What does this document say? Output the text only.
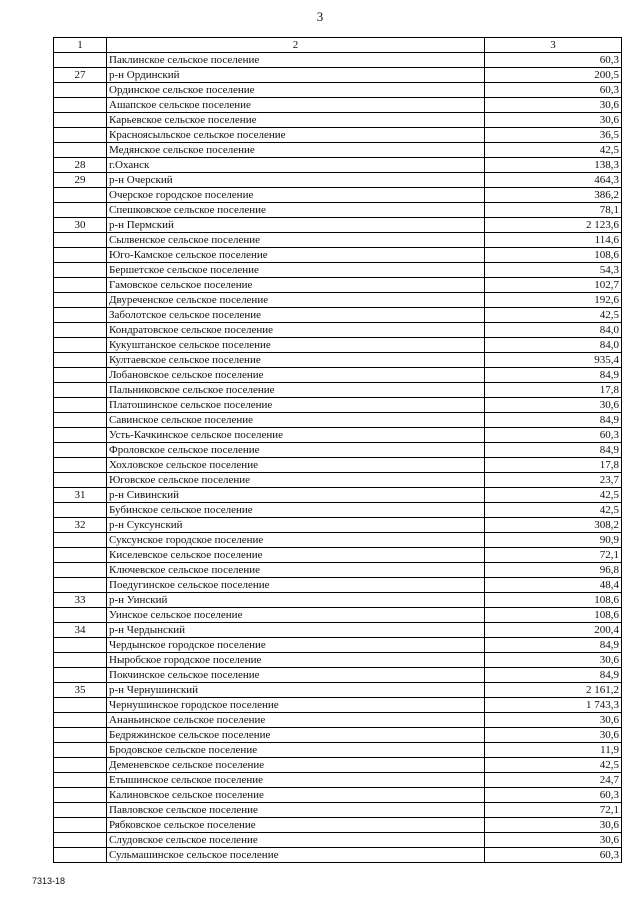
3
1	2	3
	Паклинское сельское поселение	60,3
27	р-н Ординский	200,5
	Ординское сельское поселение	60,3
	Ашапское сельское поселение	30,6
	Карьевское сельское поселение	30,6
	Красноясыльское сельское поселение	36,5
	Медянское сельское поселение	42,5
28	г.Оханск	138,3
29	р-н Очерский	464,3
	Очерское городское поселение	386,2
	Спешковское сельское поселение	78,1
30	р-н Пермский	2 123,6
	Сылвенское сельское поселение	114,6
	Юго-Камское сельское поселение	108,6
	Бершетское сельское поселение	54,3
	Гамовское сельское поселение	102,7
	Двуреченское сельское поселение	192,6
	Заболотское сельское поселение	42,5
	Кондратовское сельское поселение	84,0
	Кукуштанское сельское поселение	84,0
	Култаевское сельское поселение	935,4
	Лобановское сельское поселение	84,9
	Пальниковское сельское поселение	17,8
	Платошинское сельское поселение	30,6
	Савинское сельское поселение	84,9
	Усть-Качкинское сельское поселение	60,3
	Фроловское сельское поселение	84,9
	Хохловское сельское поселение	17,8
	Юговское сельское поселение	23,7
31	р-н Сивинский	42,5
	Бубинское сельское поселение	42,5
32	р-н Суксунский	308,2
	Суксунское городское поселение	90,9
	Киселевское сельское поселение	72,1
	Ключевское сельское поселение	96,8
	Поедугинское сельское поселение	48,4
33	р-н Уинский	108,6
	Уинское сельское поселение	108,6
34	р-н Чердынский	200,4
	Чердынское городское поселение	84,9
	Ныробское городское поселение	30,6
	Покчинское сельское поселение	84,9
35	р-н Чернушинский	2 161,2
	Чернушинское городское поселение	1 743,3
	Ананьинское сельское поселение	30,6
	Бедряжинское сельское поселение	30,6
	Бродовское сельское поселение	11,9
	Деменевское сельское поселение	42,5
	Етышинское сельское поселение	24,7
	Калиновское сельское поселение	60,3
	Павловское сельское поселение	72,1
	Рябковское сельское поселение	30,6
	Слудовское сельское поселение	30,6
	Сульмашинское сельское поселение	60,3
7313-18
